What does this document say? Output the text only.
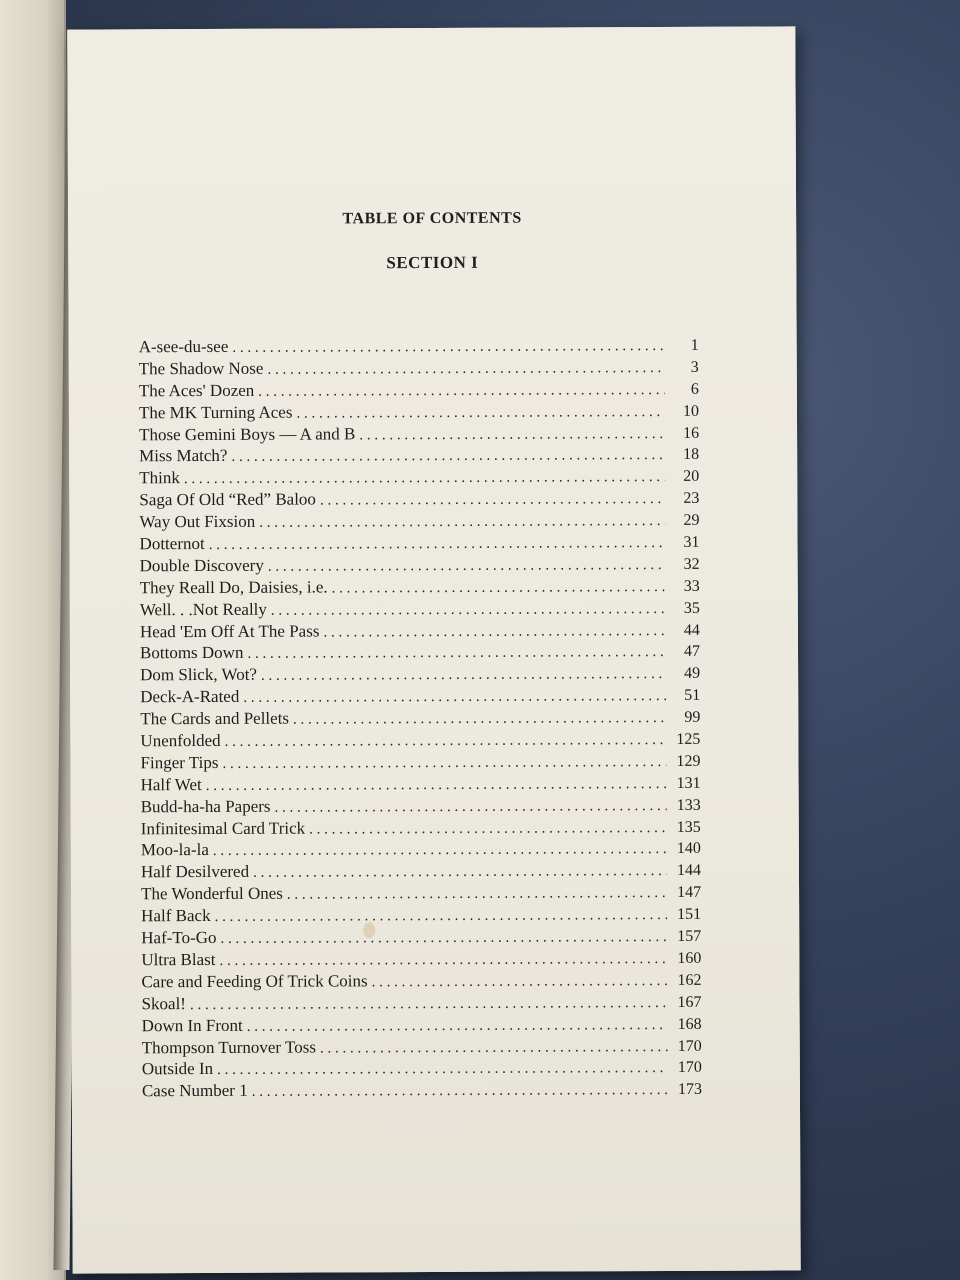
TABLE OF CONTENTS
SECTION I
A-see-du-see . . .	1
The Shadow Nose . . .	3
The Aces' Dozen . . .	6
The MK Turning Aces . . .	10
Those Gemini Boys — A and B . . .	16
Miss Match? . . .	18
Think . . .	20
Saga Of Old “Red” Baloo . . .	23
Way Out Fixsion . . .	29
Dotternot . . .	31
Double Discovery . . .	32
They Reall Do, Daisies, i.e. . . .	33
Well. . .Not Really . . .	35
Head 'Em Off At The Pass . . .	44
Bottoms Down . . .	47
Dom Slick, Wot? . . .	49
Deck-A-Rated . . .	51
The Cards and Pellets . . .	99
Unenfolded . . .	125
Finger Tips . . .	129
Half Wet . . .	131
Budd-ha-ha Papers . . .	133
Infinitesimal Card Trick . . .	135
Moo-la-la . . .	140
Half Desilvered . . .	144
The Wonderful Ones . . .	147
Half Back . . .	151
Haf-To-Go . . .	157
Ultra Blast . . .	160
Care and Feeding Of Trick Coins . . .	162
Skoal! . . .	167
Down In Front . . .	168
Thompson Turnover Toss . . .	170
Outside In . . .	170
Case Number 1 . . .	173
